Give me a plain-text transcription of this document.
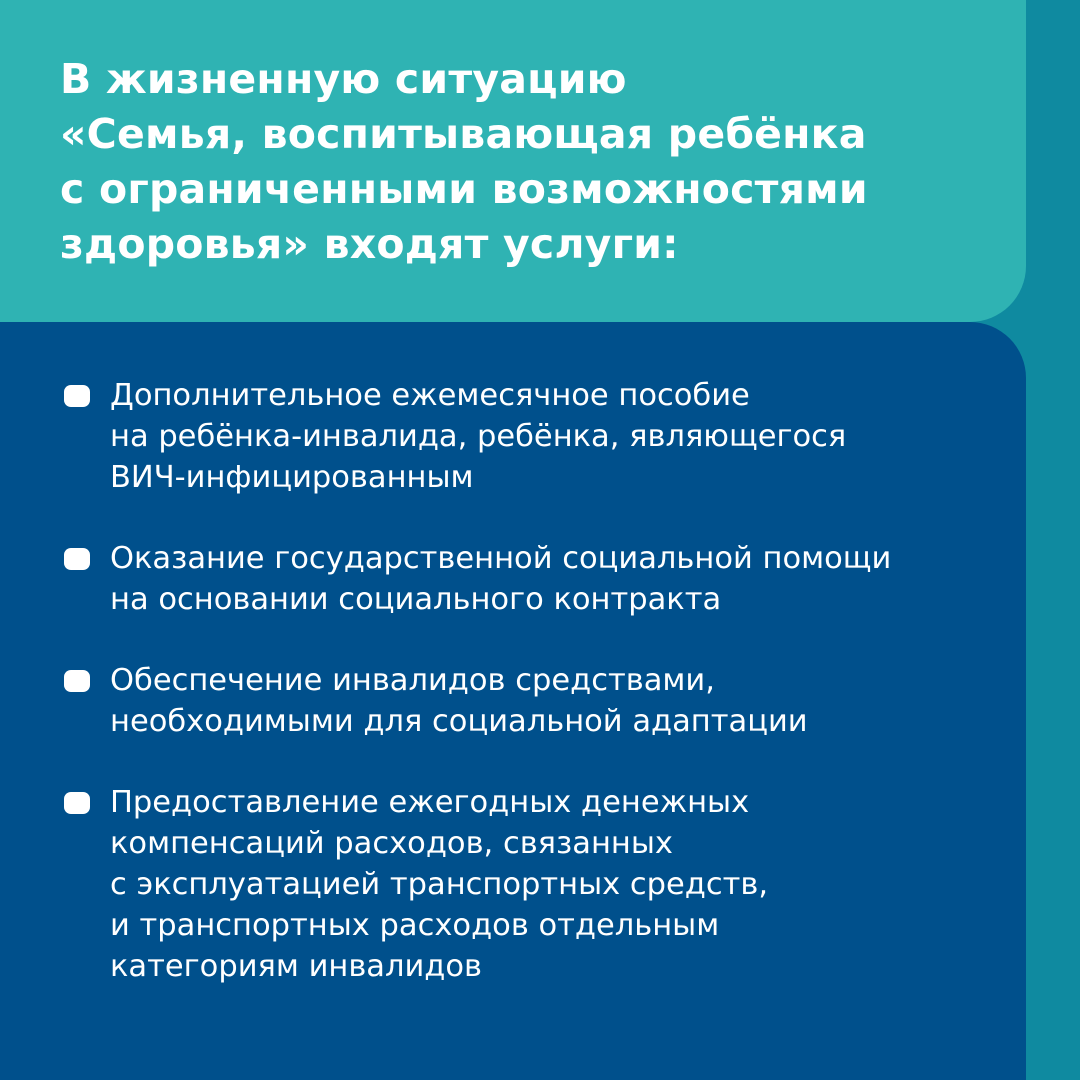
В жизненную ситуацию
«Семья, воспитывающая ребёнка
с ограниченными возможностями
здоровья» входят услуги:
Дополнительное ежемесячное пособие
на ребёнка-инвалида, ребёнка, являющегося
ВИЧ-инфицированным
Оказание государственной социальной помощи
на основании социального контракта
Обеспечение инвалидов средствами,
необходимыми для социальной адаптации
Предоставление ежегодных денежных
компенсаций расходов, связанных
с эксплуатацией транспортных средств,
и транспортных расходов отдельным
категориям инвалидов
